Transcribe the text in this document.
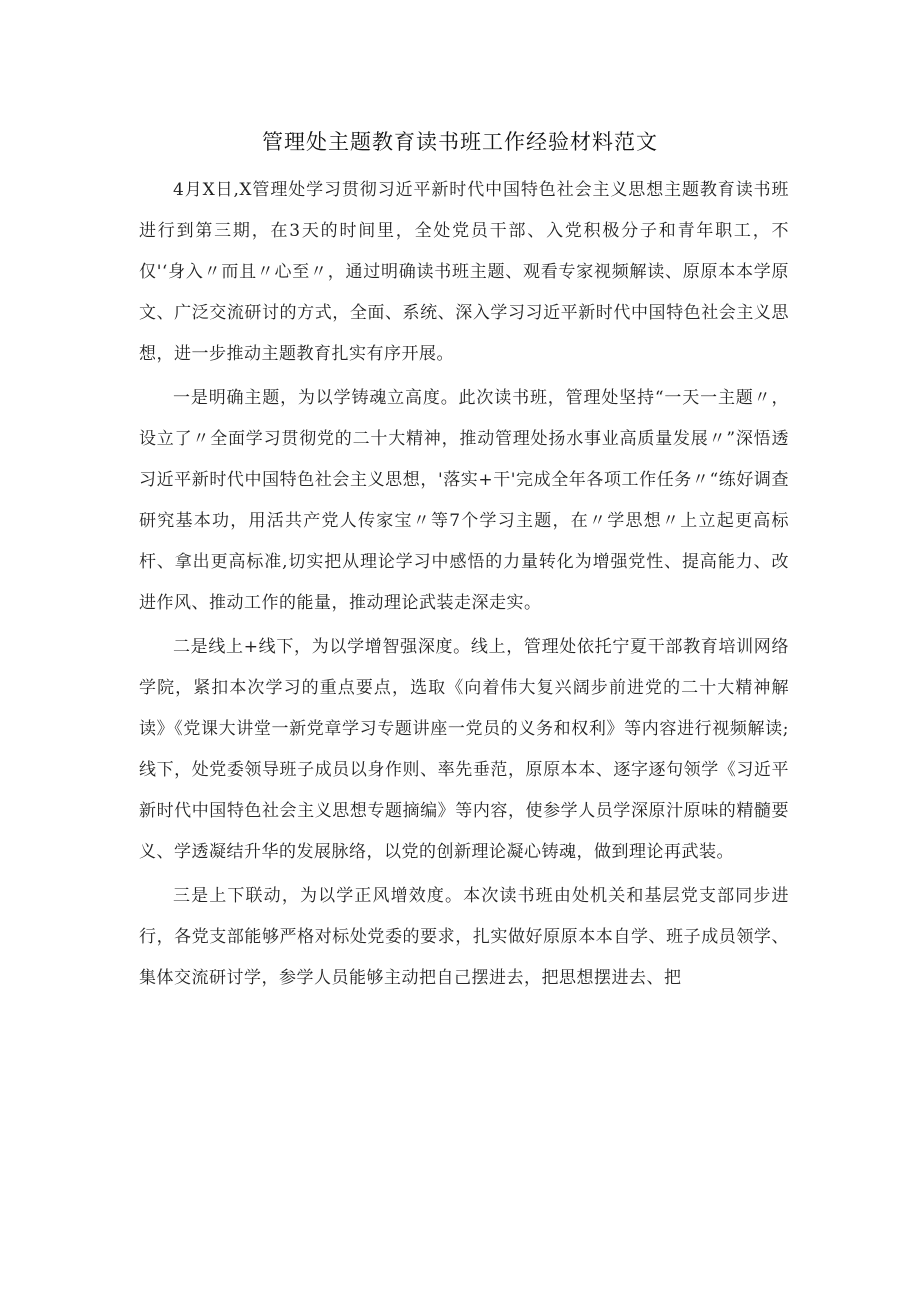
管理处主题教育读书班工作经验材料范文

4月X日,X管理处学习贯彻习近平新时代中国特色社会主义思想主题教育读书班进行到第三期，在3天的时间里，全处党员干部、入党积极分子和青年职工，不仅'‘身入〃而且〃心至〃，通过明确读书班主题、观看专家视频解读、原原本本学原文、广泛交流研讨的方式，全面、系统、深入学习习近平新时代中国特色社会主义思想，进一步推动主题教育扎实有序开展。

一是明确主题，为以学铸魂立高度。此次读书班，管理处坚持“一天一主题〃，设立了〃全面学习贯彻党的二十大精神，推动管理处扬水事业高质量发展〃”深悟透习近平新时代中国特色社会主义思想，'落实+干'完成全年各项工作任务〃“练好调查研究基本功，用活共产党人传家宝〃等7个学习主题，在〃学思想〃上立起更高标杆、拿出更高标准,切实把从理论学习中感悟的力量转化为增强党性、提高能力、改进作风、推动工作的能量，推动理论武装走深走实。

二是线上+线下，为以学增智强深度。线上，管理处依托宁夏干部教育培训网络学院，紧扣本次学习的重点要点，选取《向着伟大复兴阔步前进党的二十大精神解读》《党课大讲堂一新党章学习专题讲座一党员的义务和权利》等内容进行视频解读;线下，处党委领导班子成员以身作则、率先垂范，原原本本、逐字逐句领学《习近平新时代中国特色社会主义思想专题摘编》等内容，使参学人员学深原汁原味的精髓要义、学透凝结升华的发展脉络，以党的创新理论凝心铸魂，做到理论再武装。

三是上下联动，为以学正风增效度。本次读书班由处机关和基层党支部同步进行，各党支部能够严格对标处党委的要求，扎实做好原原本本自学、班子成员领学、集体交流研讨学，参学人员能够主动把自己摆进去，把思想摆进去、把
